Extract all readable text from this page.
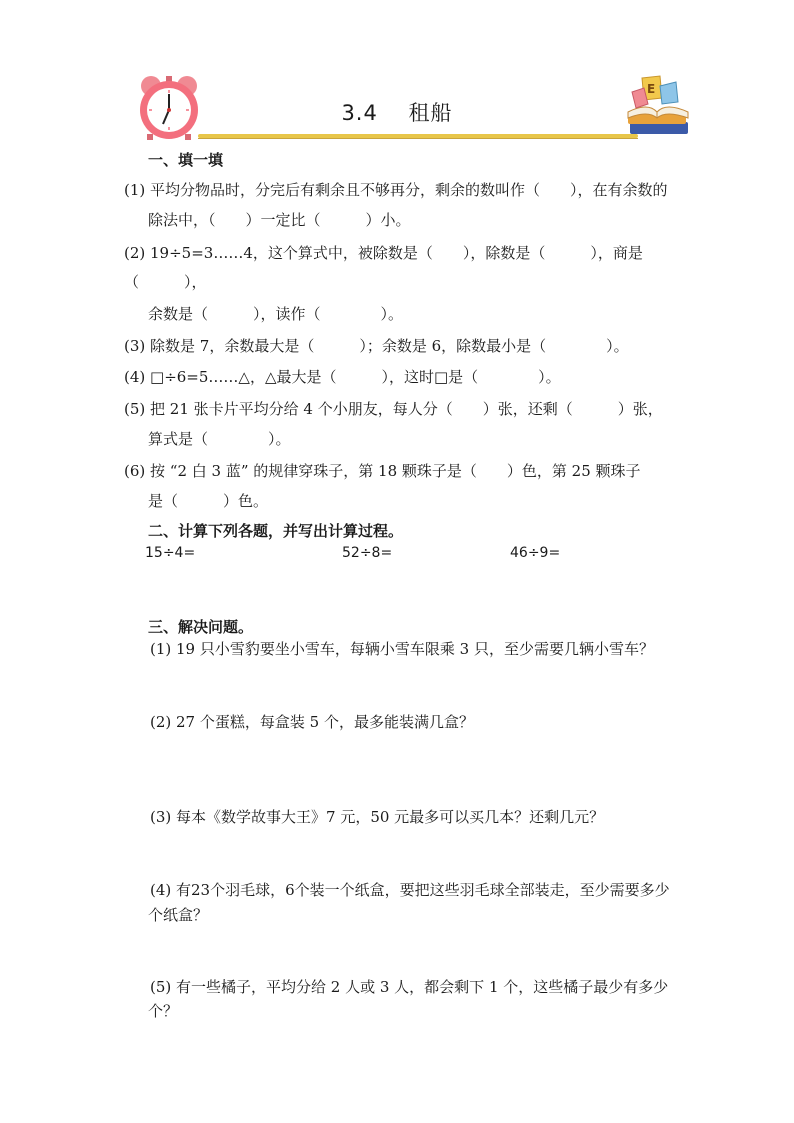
E
3.4    租船
一、填一填
(1) 平均分物品时，分完后有剩余且不够再分，剩余的数叫作（　　），在有余数的
除法中，（　　）一定比（　　　）小。
(2) 19÷5=3……4，这个算式中，被除数是（　　），除数是（　　　），商是
（　　　），
余数是（　　　），读作（　　　　）。
(3) 除数是 7，余数最大是（　　　）；余数是 6，除数最小是（　　　　）。
(4) □÷6=5……△，△最大是（　　　），这时□是（　　　　）。
(5) 把 21 张卡片平均分给 4 个小朋友，每人分（　　）张，还剩（　　　）张，
算式是（　　　　）。
(6) 按 “2 白 3 蓝” 的规律穿珠子，第 18 颗珠子是（　　）色，第 25 颗珠子
是（　　　）色。
二、计算下列各题，并写出计算过程。
15÷4=	52÷8=	46÷9=
三、解决问题。
(1) 19 只小雪豹要坐小雪车，每辆小雪车限乘 3 只，至少需要几辆小雪车？
(2) 27 个蛋糕，每盒装 5 个，最多能装满几盒？
(3) 每本《数学故事大王》7 元，50 元最多可以买几本？还剩几元？
(4) 有23个羽毛球，6个装一个纸盒，要把这些羽毛球全部装走，至少需要多少
个纸盒？
(5) 有一些橘子，平均分给 2 人或 3 人，都会剩下 1 个，这些橘子最少有多少
个？
